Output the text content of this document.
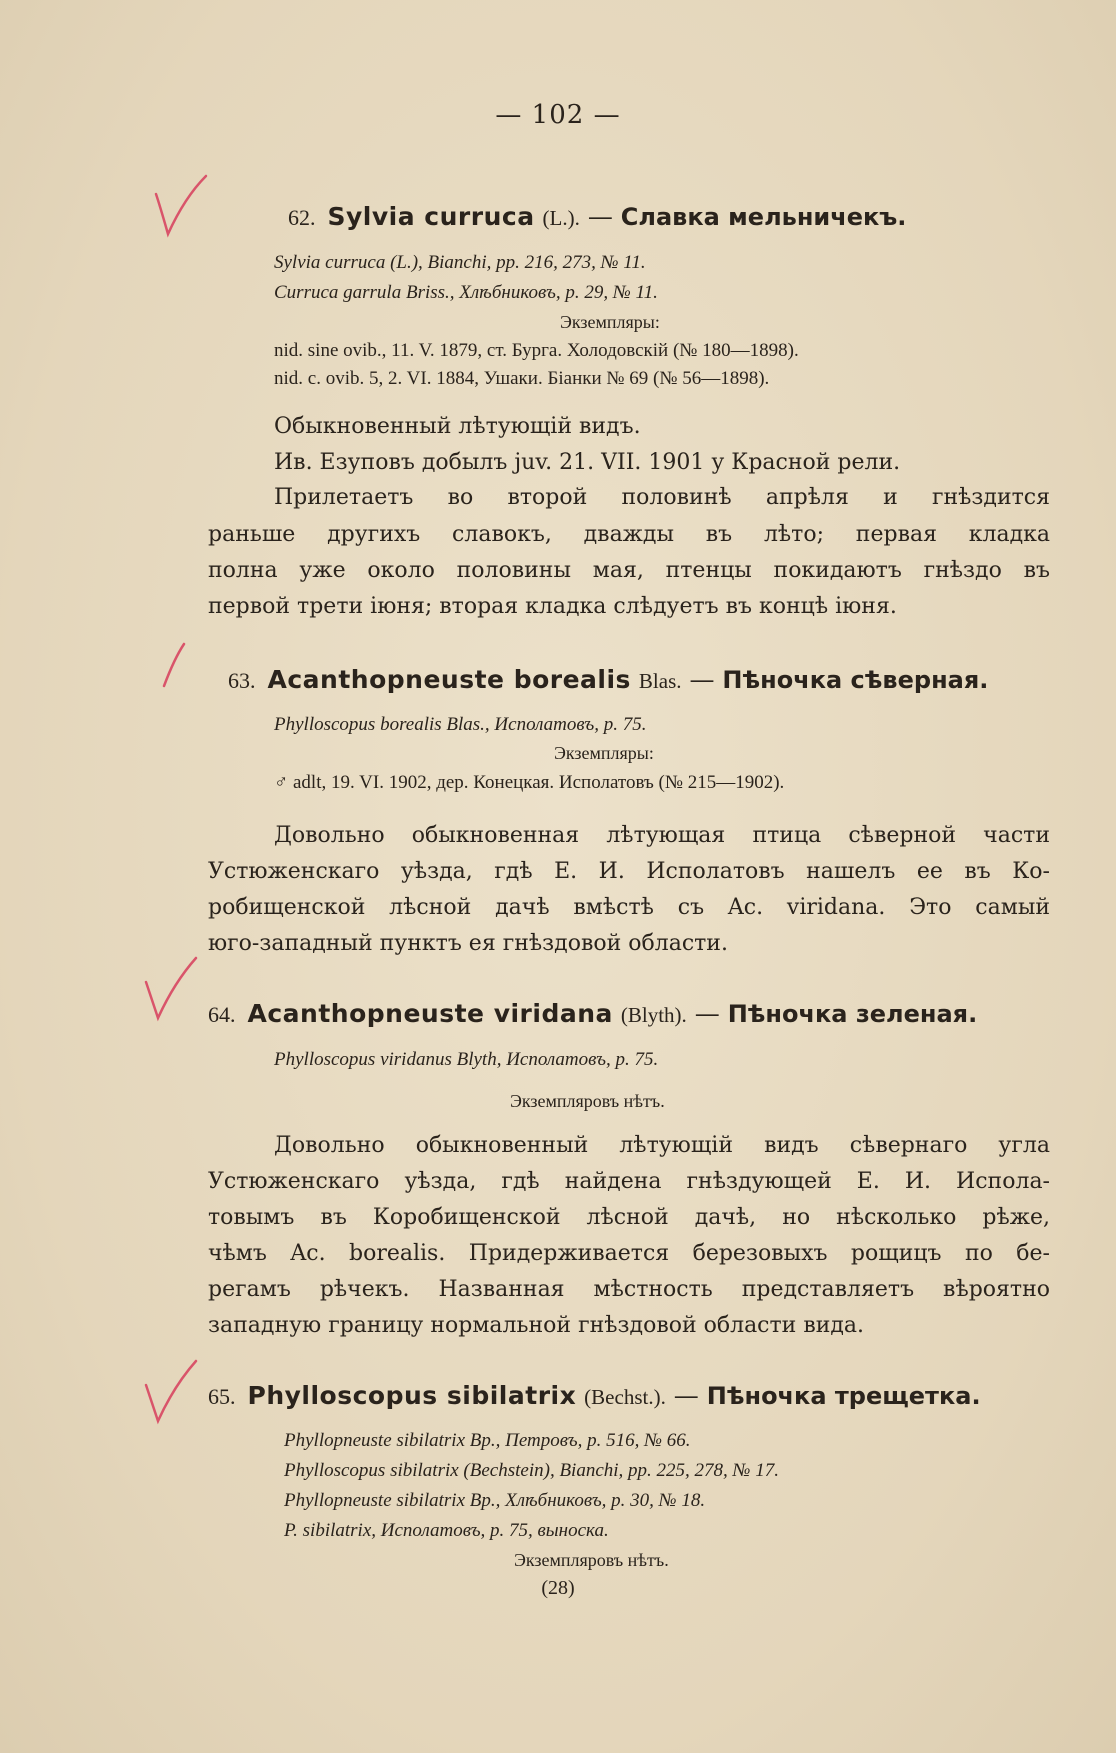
— 102 —
62. Sylvia curruca (L.). — Славка мельничекъ.
Sylvia curruca (L.), Bianchi, pp. 216, 273, № 11.
Curruca garrula Briss., Хлѣбниковъ, p. 29, № 11.
Экземпляры:
nid. sine ovib., 11. V. 1879, ст. Бурга. Холодовскій (№ 180—1898).
nid. c. ovib. 5, 2. VI. 1884, Ушаки. Біанки № 69 (№ 56—1898).
Обыкновенный лѣтующій видъ.
Ив. Езуповъ добылъ juv. 21. VII. 1901 у Красной рели.
Прилетаетъ во второй половинѣ апрѣля и гнѣздится
раньше другихъ славокъ, дважды въ лѣто; первая кладка
полна уже около половины мая, птенцы покидаютъ гнѣздо въ
первой трети іюня; вторая кладка слѣдуетъ въ концѣ іюня.
63. Acanthopneuste borealis Blas. — Пѣночка сѣверная.
Phylloscopus borealis Blas., Исполатовъ, p. 75.
Экземпляры:
♂ adlt, 19. VI. 1902, дер. Конецкая. Исполатовъ (№ 215—1902).
Довольно обыкновенная лѣтующая птица сѣверной части
Устюженскаго уѣзда, гдѣ Е. И. Исполатовъ нашелъ ее въ Ко-
робищенской лѣсной дачѣ вмѣстѣ съ Ac. viridana. Это самый
юго-западный пунктъ ея гнѣздовой области.
64. Acanthopneuste viridana (Blyth). — Пѣночка зеленая.
Phylloscopus viridanus Blyth, Исполатовъ, p. 75.
Экземпляровъ нѣтъ.
Довольно обыкновенный лѣтующій видъ сѣвернаго угла
Устюженскаго уѣзда, гдѣ найдена гнѣздующей Е. И. Испола-
товымъ въ Коробищенской лѣсной дачѣ, но нѣсколько рѣже,
чѣмъ Ac. borealis. Придерживается березовыхъ рощицъ по бе-
регамъ рѣчекъ. Названная мѣстность представляетъ вѣроятно
западную границу нормальной гнѣздовой области вида.
65. Phylloscopus sibilatrix (Bechst.). — Пѣночка трещетка.
Phyllopneuste sibilatrix Bp., Петровъ, p. 516, № 66.
Phylloscopus sibilatrix (Bechstein), Bianchi, pp. 225, 278, № 17.
Phyllopneuste sibilatrix Bp., Хлѣбниковъ, p. 30, № 18.
P. sibilatrix, Исполатовъ, p. 75, выноска.
Экземпляровъ нѣтъ.
(28)
